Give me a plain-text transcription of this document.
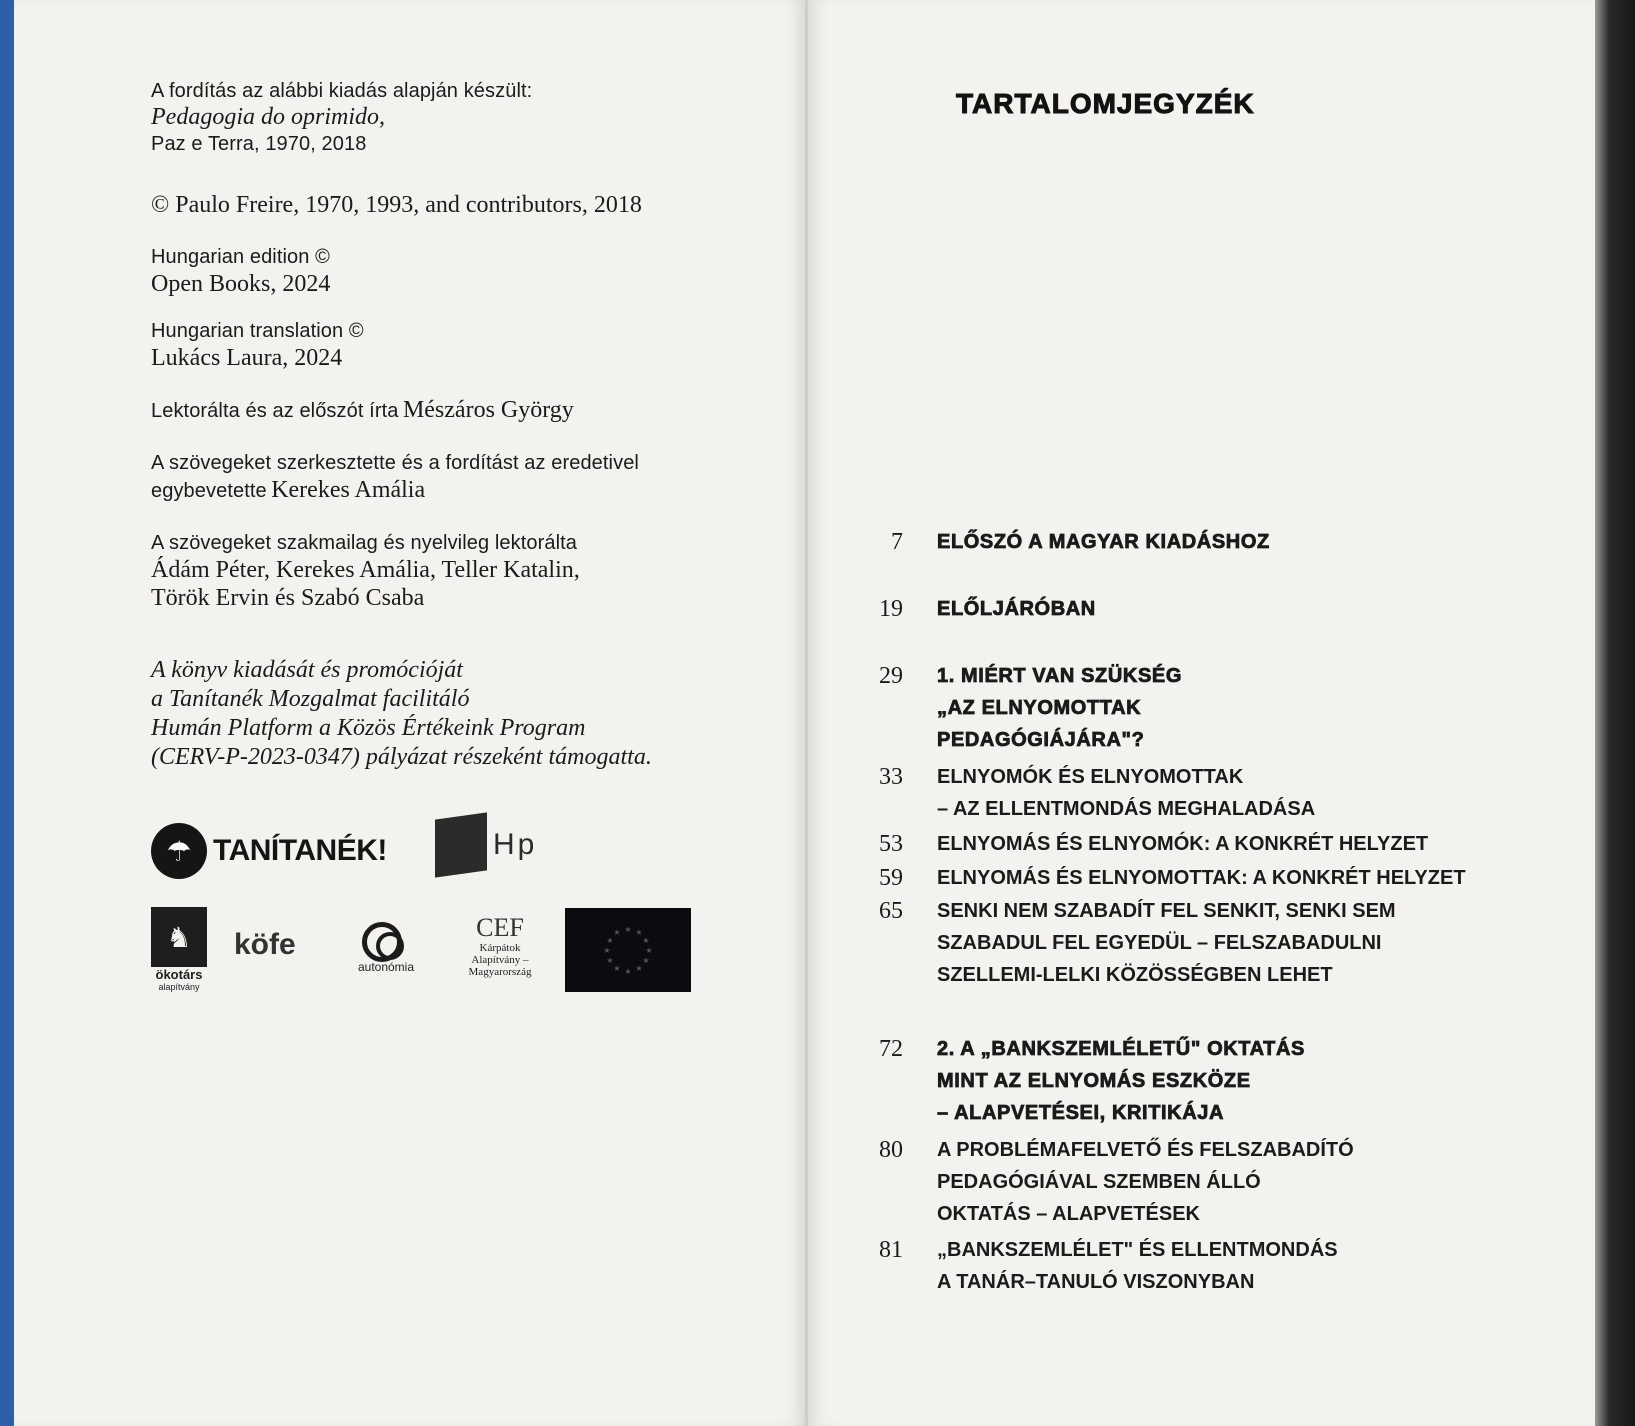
A fordítás az alábbi kiadás alapján készült:
Pedagogia do oprimido,
Paz e Terra, 1970, 2018
© Paulo Freire, 1970, 1993, and contributors, 2018
Hungarian edition ©
Open Books, 2024
Hungarian translation ©
Lukács Laura, 2024
Lektorálta és az előszót írta Mészáros György
A szövegeket szerkesztette és a fordítást az eredetivel
egybevetette Kerekes Amália
A szövegeket szakmailag és nyelvileg lektorálta
Ádám Péter, Kerekes Amália, Teller Katalin,
Török Ervin és Szabó Csaba
A könyv kiadását és promócióját
a Tanítanék Mozgalmat facilitáló
Humán Platform a Közös Értékeink Program
(CERV-P-2023-0347) pályázat részeként támogatta.
☂ TANÍTANÉK!	Hp
♞
ökotárs
alapítvány
köfe
autonómia
CEF
Kárpátok
Alapítvány –
Magyarország
★ ★
★
★
★
★
★
★
★
★
★
★
TARTALOMJEGYZÉK
7 ELŐSZÓ A MAGYAR KIADÁSHOZ
19 ELŐLJÁRÓBAN
29 1. MIÉRT VAN SZÜKSÉG
„AZ ELNYOMOTTAK
PEDAGÓGIÁJÁRA"?
33 ELNYOMÓK ÉS ELNYOMOTTAK
– AZ ELLENTMONDÁS MEGHALADÁSA
53 ELNYOMÁS ÉS ELNYOMÓK: A KONKRÉT HELYZET
59 ELNYOMÁS ÉS ELNYOMOTTAK: A KONKRÉT HELYZET
65 SENKI NEM SZABADÍT FEL SENKIT, SENKI SEM
SZABADUL FEL EGYEDÜL – FELSZABADULNI
SZELLEMI-LELKI KÖZÖSSÉGBEN LEHET
72 2. A „BANKSZEMLÉLETŰ" OKTATÁS
MINT AZ ELNYOMÁS ESZKÖZE
– ALAPVETÉSEI, KRITIKÁJA
80 A PROBLÉMAFELVETŐ ÉS FELSZABADÍTÓ
PEDAGÓGIÁVAL SZEMBEN ÁLLÓ
OKTATÁS – ALAPVETÉSEK
81 „BANKSZEMLÉLET" ÉS ELLENTMONDÁS
A TANÁR–TANULÓ VISZONYBAN
